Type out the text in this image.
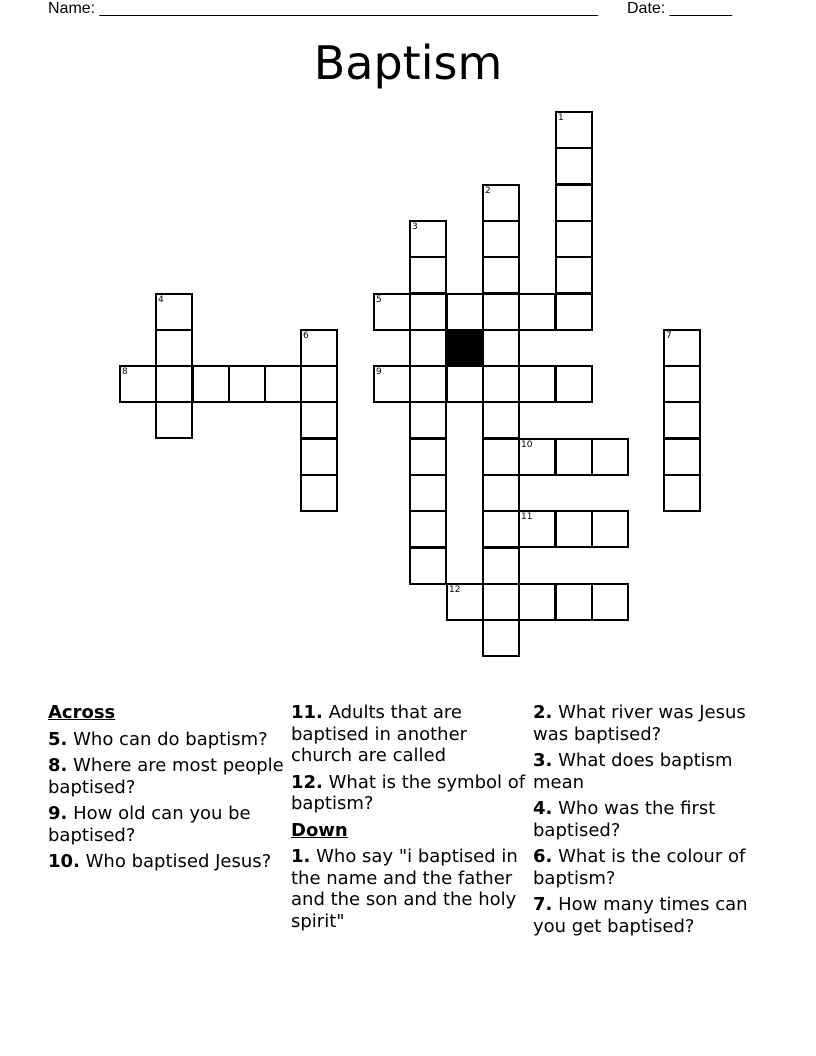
Name: ________________________________________________________ Date: _______
Baptism
1
2
3
4	5
6	7
8	9
10
11
12
Across
5. Who can do baptism?
8. Where are most people baptised?
9. How old can you be baptised?
10. Who baptised Jesus?
11. Adults that are baptised in another church are called
12. What is the symbol of baptism?
Down
1. Who say "i baptised in the name and the father and the son and the holy spirit"
2. What river was Jesus was baptised?
3. What does baptism mean
4. Who was the first baptised?
6. What is the colour of baptism?
7. How many times can you get baptised?
